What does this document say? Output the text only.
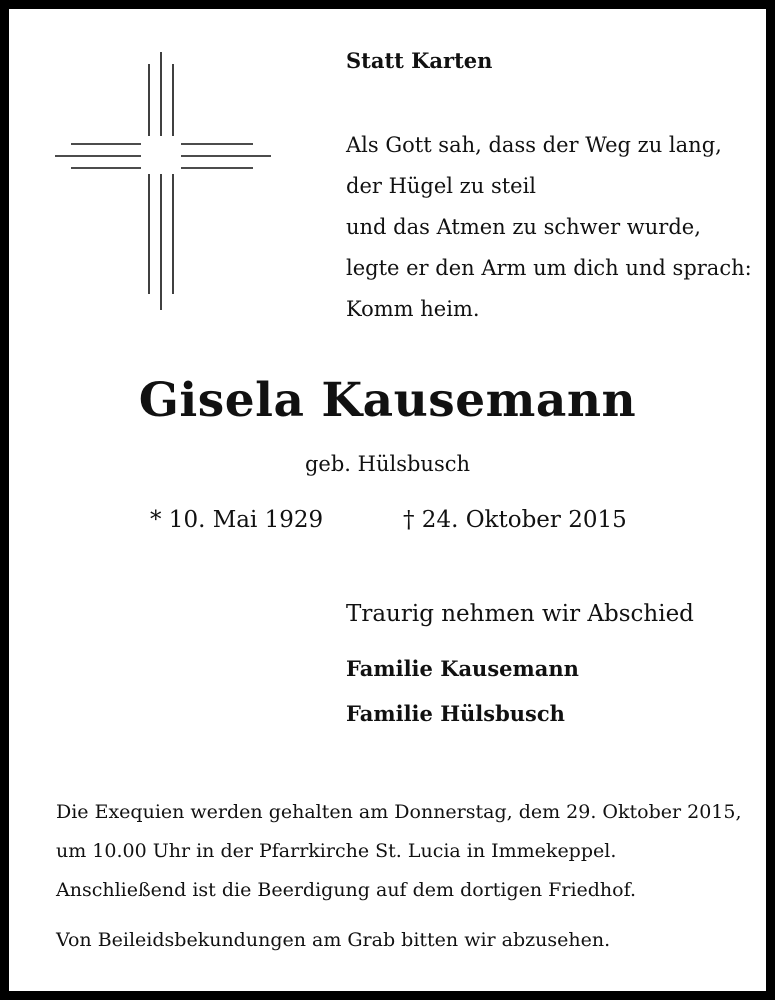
Statt Karten
Als Gott sah, dass der Weg zu lang,
der Hügel zu steil
und das Atmen zu schwer wurde,
legte er den Arm um dich und sprach:
Komm heim.
Gisela Kausemann
geb. Hülsbusch
* 10. Mai 1929	† 24. Oktober 2015
Traurig nehmen wir Abschied
Familie Kausemann
Familie Hülsbusch
Die Exequien werden gehalten am Donnerstag, dem 29. Oktober 2015,
um 10.00 Uhr in der Pfarrkirche St. Lucia in Immekeppel.
Anschließend ist die Beerdigung auf dem dortigen Friedhof.
Von Beileidsbekundungen am Grab bitten wir abzusehen.
